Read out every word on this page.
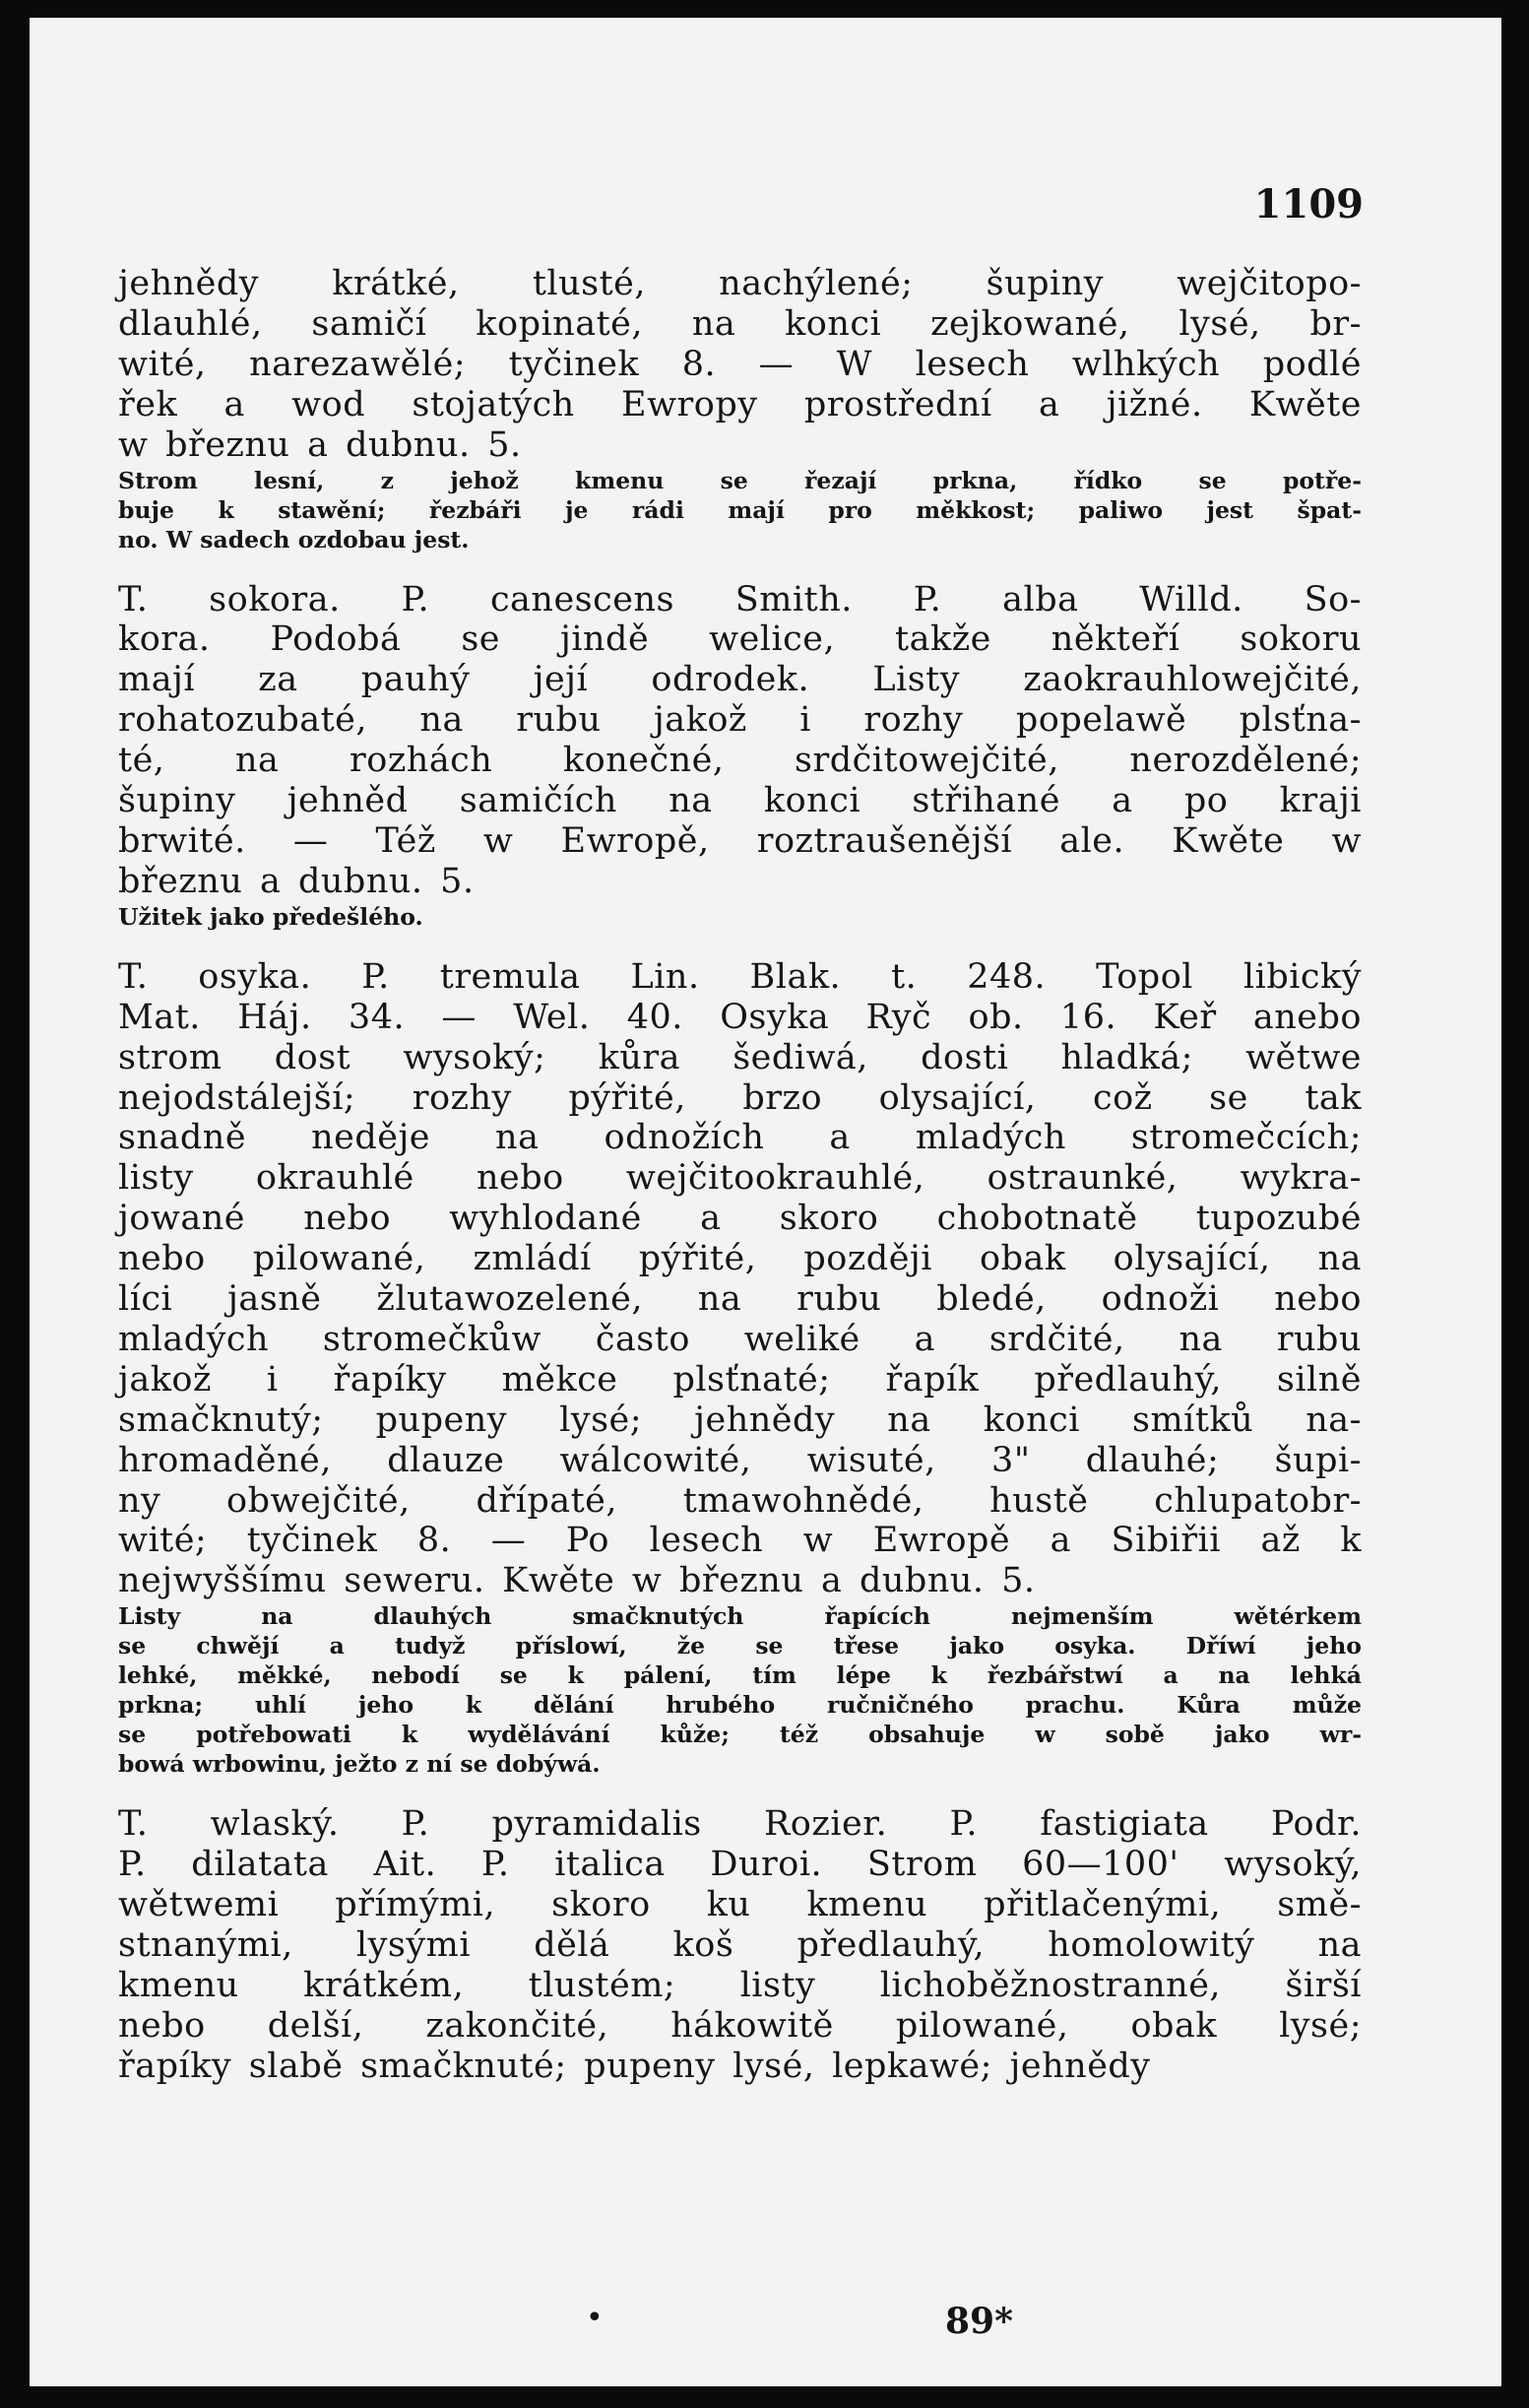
1109
jehnědy krátké, tlusté, nachýlené; šupiny wejčitopo-
dlauhlé, samičí kopinaté, na konci zejkowané, lysé, br-
wité, narezawělé; tyčinek 8. — W lesech wlhkých podlé
řek a wod stojatých Ewropy prostřední a jižné. Kwěte
w březnu a dubnu. 5.
Strom lesní, z jehož kmenu se řezají prkna, řídko se potře-
buje k stawění; řezbáři je rádi mají pro měkkost; paliwo jest špat-
no. W sadech ozdobau jest.
T. sokora. P. canescens Smith. P. alba Willd. So-
kora. Podobá se jindě welice, takže někteří sokoru
mají za pauhý její odrodek. Listy zaokrauhlowejčité,
rohatozubaté, na rubu jakož i rozhy popelawě plsťna-
té, na rozhách konečné, srdčitowejčité, nerozdělené;
šupiny jehněd samičích na konci střihané a po kraji
brwité. — Též w Ewropě, roztraušenější ale. Kwěte w
březnu a dubnu. 5.
Užitek jako předešlého.
T. osyka. P. tremula Lin. Blak. t. 248. Topol libický
Mat. Háj. 34. — Wel. 40. Osyka Ryč ob. 16. Keř anebo
strom dost wysoký; kůra šediwá, dosti hladká; wětwe
nejodstálejší; rozhy pýřité, brzo olysající, což se tak
snadně neděje na odnožích a mladých stromečcích;
listy okrauhlé nebo wejčitookrauhlé, ostraunké, wykra-
jowané nebo wyhlodané a skoro chobotnatě tupozubé
nebo pilowané, zmládí pýřité, později obak olysající, na
líci jasně žlutawozelené, na rubu bledé, odnoži nebo
mladých stromečkůw často weliké a srdčité, na rubu
jakož i řapíky měkce plsťnaté; řapík předlauhý, silně
smačknutý; pupeny lysé; jehnědy na konci smítků na-
hromaděné, dlauze wálcowité, wisuté, 3" dlauhé; šupi-
ny obwejčité, dřípaté, tmawohnědé, hustě chlupatobr-
wité; tyčinek 8. — Po lesech w Ewropě a Sibiřii až k
nejwyššímu seweru. Kwěte w březnu a dubnu. 5.
Listy na dlauhých smačknutých řapících nejmenším wětérkem
se chwějí a tudyž příslowí, že se třese jako osyka. Dříwí jeho
lehké, měkké, nebodí se k pálení, tím lépe k řezbářstwí a na lehká
prkna; uhlí jeho k dělání hrubého ručničného prachu. Kůra může
se potřebowati k wydělávání kůže; též obsahuje w sobě jako wr-
bowá wrbowinu, ježto z ní se dobýwá.
T. wlaský. P. pyramidalis Rozier. P. fastigiata Podr.
P. dilatata Ait. P. italica Duroi. Strom 60—100' wysoký,
wětwemi přímými, skoro ku kmenu přitlačenými, smě-
stnanými, lysými dělá koš předlauhý, homolowitý na
kmenu krátkém, tlustém; listy lichoběžnostranné, širší
nebo delší, zakončité, hákowitě pilowané, obak lysé;
řapíky slabě smačknuté; pupeny lysé, lepkawé; jehnědy
•	89*
